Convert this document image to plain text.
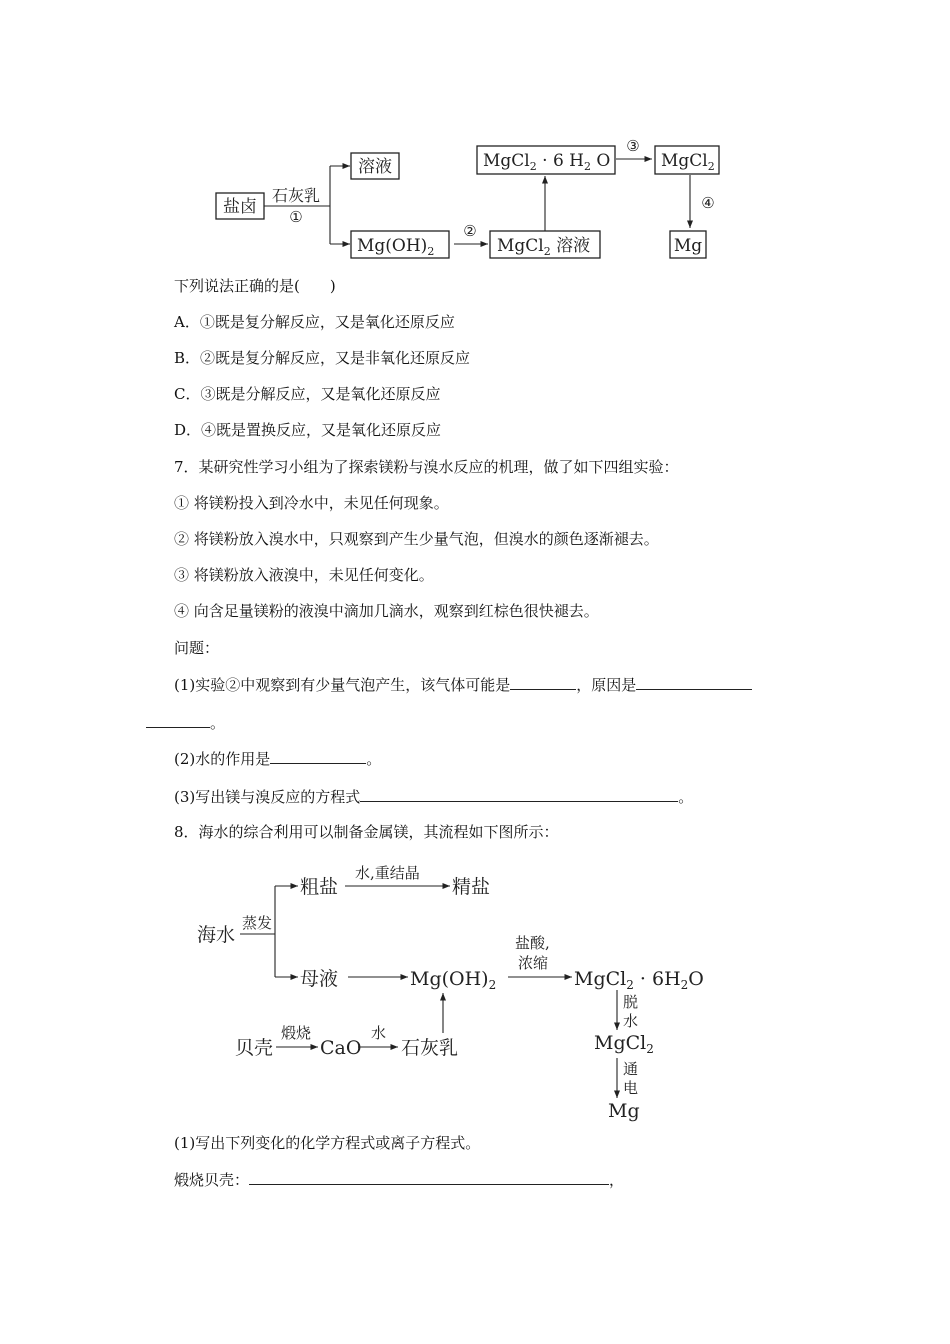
盐卤
石灰乳
①
溶液
$Mg(OH)_2$
②
MgCl$_2$ 溶液
MgCl$_2$ · 6 $H_2$ O
③
MgCl$_2$
④
Mg
下列说法正确的是(　　)
A．①既是复分解反应，又是氧化还原反应
B．②既是复分解反应，又是非氧化还原反应
C．③既是分解反应，又是氧化还原反应
D．④既是置换反应，又是氧化还原反应
7．某研究性学习小组为了探索镁粉与溴水反应的机理，做了如下四组实验：
① 将镁粉投入到冷水中，未见任何现象。
② 将镁粉放入溴水中，只观察到产生少量气泡，但溴水的颜色逐渐褪去。
③ 将镁粉放入液溴中，未见任何变化。
④ 向含足量镁粉的液溴中滴加几滴水，观察到红棕色很快褪去。
问题：
(1)实验②中观察到有少量气泡产生，该气体可能是	，原因是
。
(2)水的作用是	。
(3)写出镁与溴反应的方程式	。
8．海水的综合利用可以制备金属镁，其流程如下图所示：
海水
蒸发
粗盐
水,重结晶
精盐
母液	$Mg(OH)_2$
盐酸,
浓缩
MgCl$_2$ · $6H_2O$
脱
水
MgCl$_2$
通
电
Mg
贝壳
煅烧
CaO
水
石灰乳
(1)写出下列变化的化学方程式或离子方程式。
煅烧贝壳：	，
